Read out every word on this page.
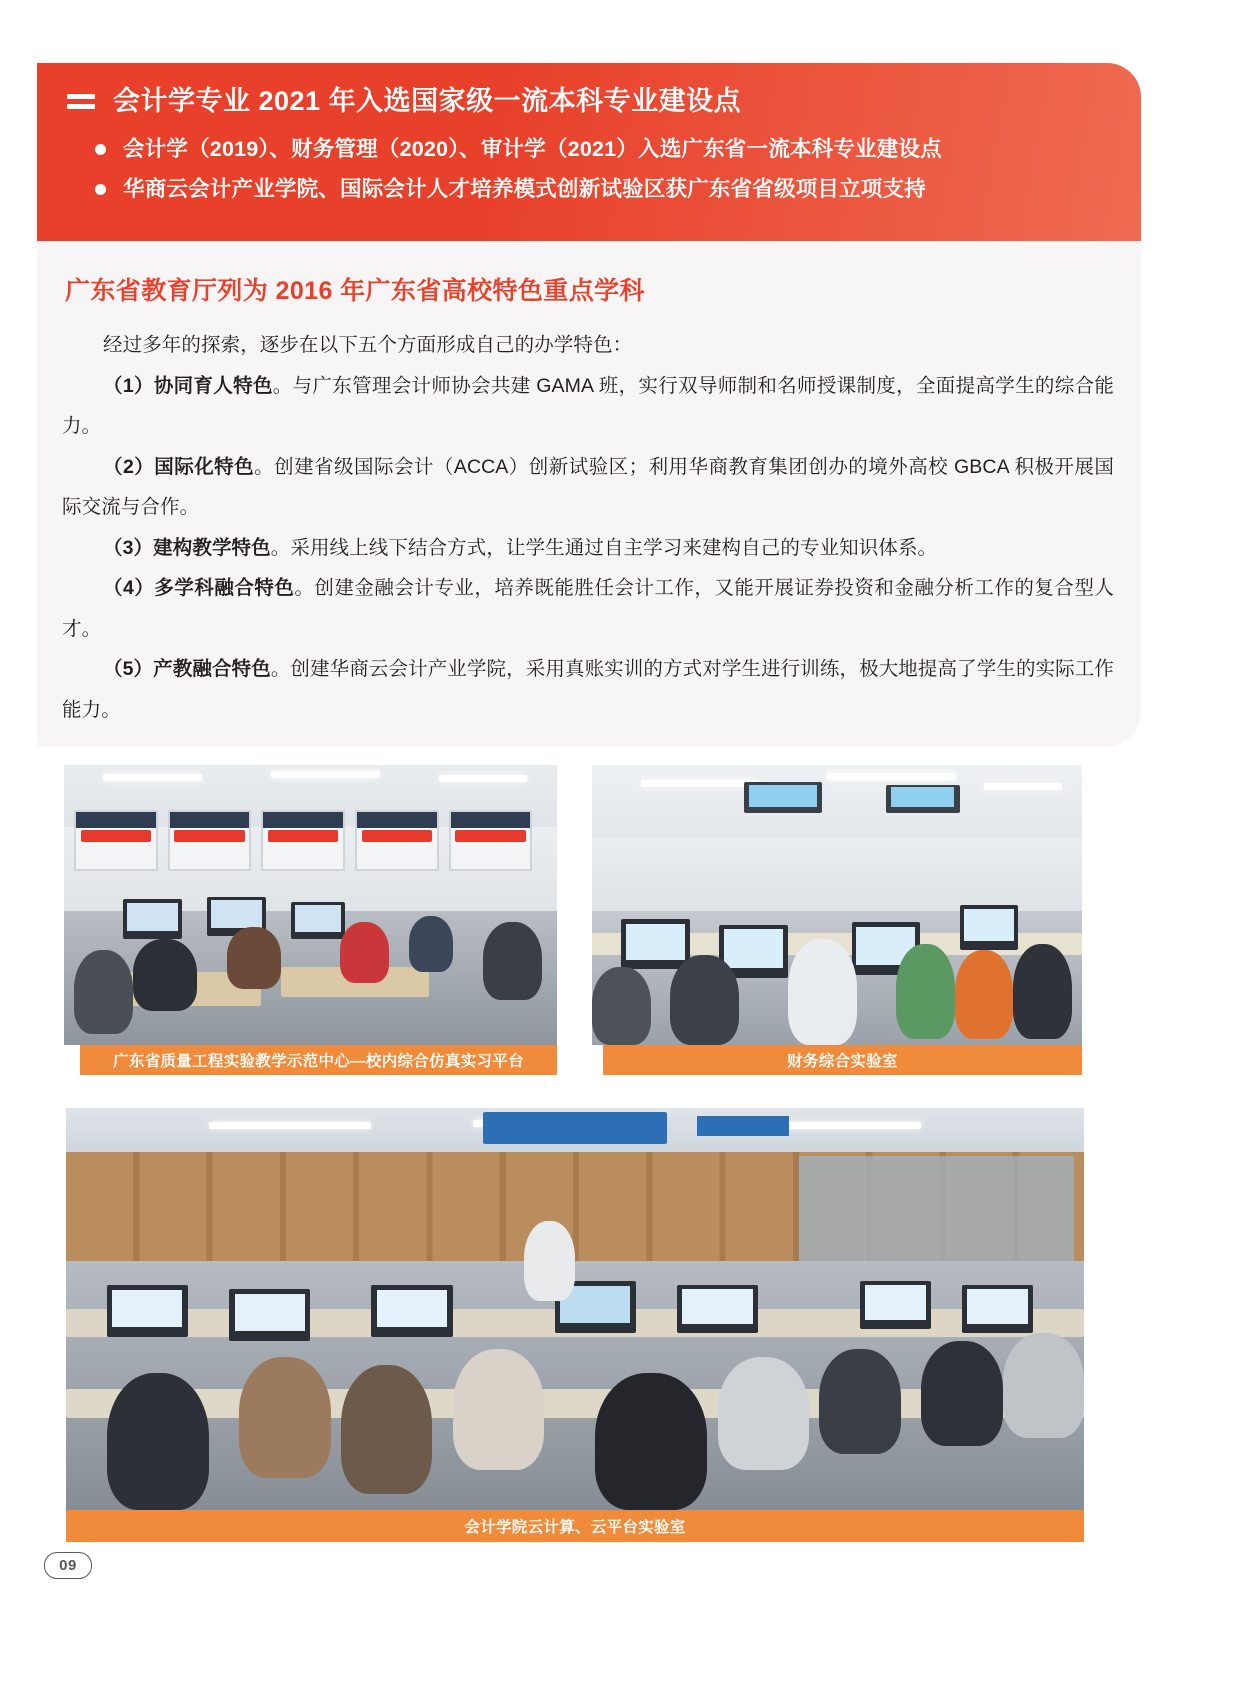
会计学专业 2021 年入选国家级一流本科专业建设点
会计学（2019）、财务管理（2020）、审计学（2021）入选广东省一流本科专业建设点
华商云会计产业学院、国际会计人才培养模式创新试验区获广东省省级项目立项支持
广东省教育厅列为 2016 年广东省高校特色重点学科

经过多年的探索，逐步在以下五个方面形成自己的办学特色：

（1）协同育人特色。与广东管理会计师协会共建 GAMA 班，实行双导师制和名师授课制度，全面提高学生的综合能力。

（2）国际化特色。创建省级国际会计（ACCA）创新试验区；利用华商教育集团创办的境外高校 GBCA 积极开展国际交流与合作。

（3）建构教学特色。采用线上线下结合方式，让学生通过自主学习来建构自己的专业知识体系。

（4）多学科融合特色。创建金融会计专业，培养既能胜任会计工作，又能开展证券投资和金融分析工作的复合型人才。

（5）产教融合特色。创建华商云会计产业学院，采用真账实训的方式对学生进行训练，极大地提高了学生的实际工作能力。

广东省质量工程实验教学示范中心—校内综合仿真实习平台	财务综合实验室
会计学院云计算、云平台实验室
09
